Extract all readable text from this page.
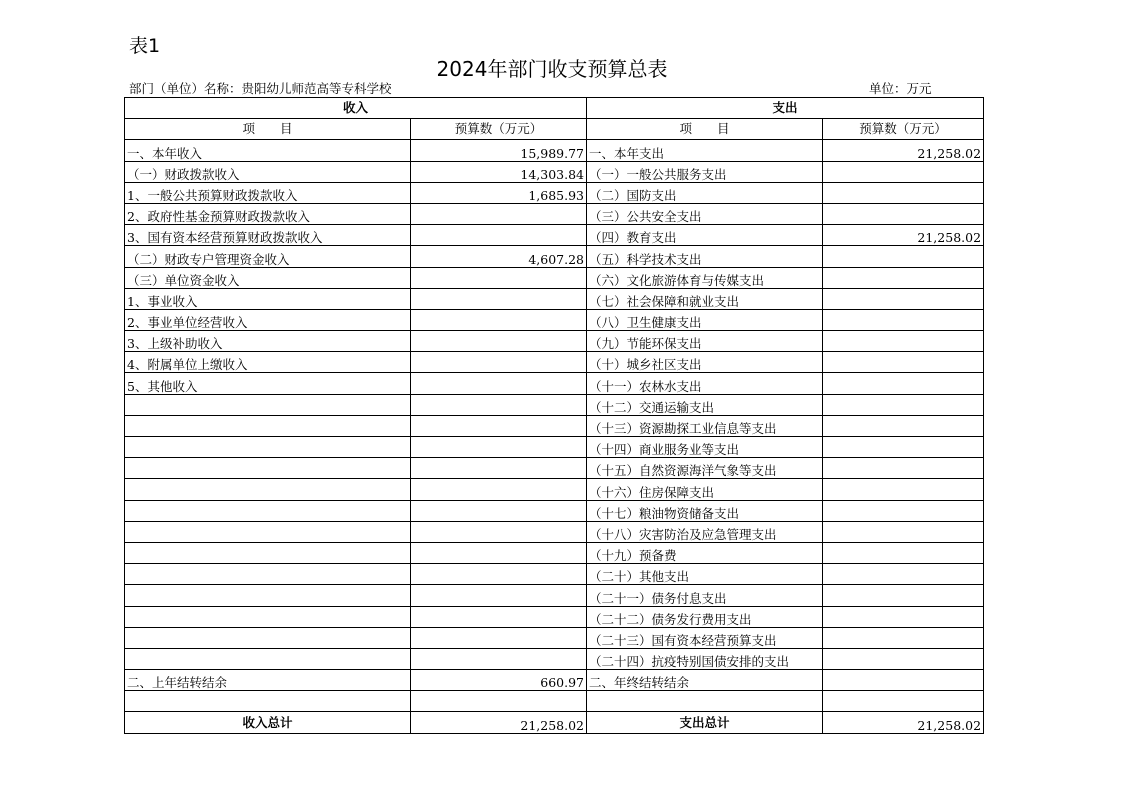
表1
2024年部门收支预算总表
部门（单位）名称：贵阳幼儿师范高等专科学校	单位：万元
收入		支出	
项　　目	预算数（万元）	项　　目	预算数（万元）
一、本年收入	15,989.77	一、本年支出	21,258.02
（一）财政拨款收入	14,303.84	（一）一般公共服务支出	
1、一般公共预算财政拨款收入	1,685.93	（二）国防支出	
2、政府性基金预算财政拨款收入		（三）公共安全支出	
3、国有资本经营预算财政拨款收入		（四）教育支出	21,258.02
（二）财政专户管理资金收入	4,607.28	（五）科学技术支出	
（三）单位资金收入		（六）文化旅游体育与传媒支出	
1、事业收入		（七）社会保障和就业支出	
2、事业单位经营收入		（八）卫生健康支出	
3、上级补助收入		（九）节能环保支出	
4、附属单位上缴收入		（十）城乡社区支出	
5、其他收入		（十一）农林水支出	
		（十二）交通运输支出	
		（十三）资源勘探工业信息等支出	
		（十四）商业服务业等支出	
		（十五）自然资源海洋气象等支出	
		（十六）住房保障支出	
		（十七）粮油物资储备支出	
		（十八）灾害防治及应急管理支出	
		（十九）预备费	
		（二十）其他支出	
		（二十一）债务付息支出	
		（二十二）债务发行费用支出	
		（二十三）国有资本经营预算支出	
		（二十四）抗疫特别国债安排的支出	
二、上年结转结余	660.97	二、年终结转结余	

收入总计	21,258.02	支出总计	21,258.02
